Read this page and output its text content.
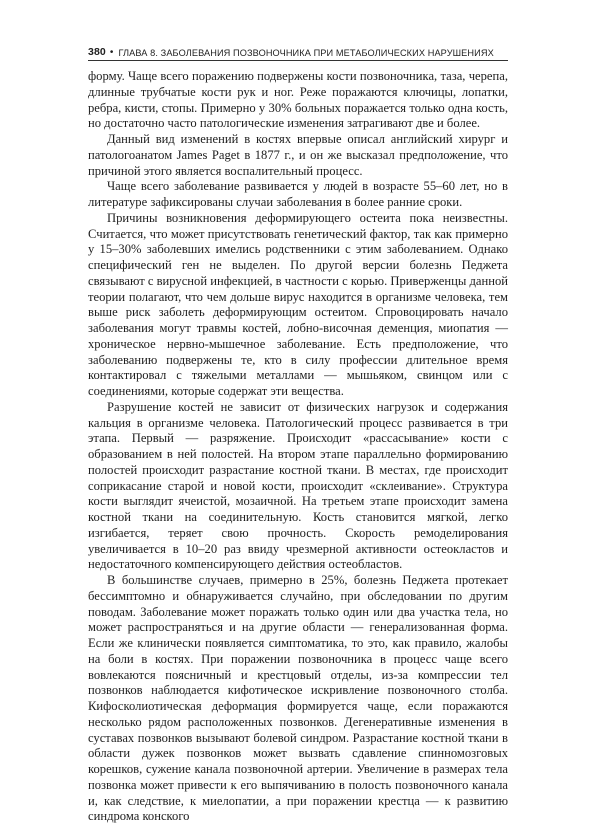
380 • ГЛАВА 8. ЗАБОЛЕВАНИЯ ПОЗВОНОЧНИКА ПРИ МЕТАБОЛИЧЕСКИХ НАРУШЕНИЯХ

форму. Чаще всего поражению подвержены кости позвоночника, таза, черепа, длинные трубчатые кости рук и ног. Реже поражаются ключицы, лопатки, ребра, кисти, стопы. Примерно у 30% больных поражается только одна кость, но достаточно часто патологические изменения затрагивают две и более.

Данный вид изменений в костях впервые описал английский хирург и патологоанатом James Paget в 1877 г., и он же высказал предположение, что причиной этого является воспалительный процесс.

Чаще всего заболевание развивается у людей в возрасте 55–60 лет, но в литературе зафиксированы случаи заболевания в более ранние сроки.

Причины возникновения деформирующего остеита пока неизвестны. Считается, что может присутствовать генетический фактор, так как примерно у 15–30% заболевших имелись родственники с этим заболеванием. Однако специфический ген не выделен. По другой версии болезнь Педжета связывают с вирусной инфекцией, в частности с корью. Приверженцы данной теории полагают, что чем дольше вирус находится в организме человека, тем выше риск заболеть деформирующим остеитом. Спровоцировать начало заболевания могут травмы костей, лобно-височная деменция, миопатия — хроническое нервно-мышечное заболевание. Есть предположение, что заболеванию подвержены те, кто в силу профессии длительное время контактировал с тяжелыми металлами — мышьяком, свинцом или с соединениями, которые содержат эти вещества.

Разрушение костей не зависит от физических нагрузок и содержания кальция в организме человека. Патологический процесс развивается в три этапа. Первый — разряжение. Происходит «рассасывание» кости с образованием в ней полостей. На втором этапе параллельно формированию полостей происходит разрастание костной ткани. В местах, где происходит соприкасание старой и новой кости, происходит «склеивание». Структура кости выглядит ячеистой, мозаичной. На третьем этапе происходит замена костной ткани на соединительную. Кость становится мягкой, легко изгибается, теряет свою прочность. Скорость ремоделирования увеличивается в 10–20 раз ввиду чрезмерной активности остеокластов и недостаточного компенсирующего действия остеобластов.

В большинстве случаев, примерно в 25%, болезнь Педжета протекает бессимптомно и обнаруживается случайно, при обследовании по другим поводам. Заболевание может поражать только один или два участка тела, но может распространяться и на другие области — генерализованная форма. Если же клинически появляется симптоматика, то это, как правило, жалобы на боли в костях. При поражении позвоночника в процесс чаще всего вовлекаются поясничный и крестцовый отделы, из-за компрессии тел позвонков наблюдается кифотическое искривление позвоночного столба. Кифосколиотическая деформация формируется чаще, если поражаются несколько рядом расположенных позвонков. Дегенеративные изменения в суставах позвонков вызывают болевой синдром. Разрастание костной ткани в области дужек позвонков может вызвать сдавление спинномозговых корешков, сужение канала позвоночной артерии. Увеличение в размерах тела позвонка может привести к его выпячиванию в полость позвоночного канала и, как следствие, к миелопатии, а при поражении крестца — к развитию синдрома конского
